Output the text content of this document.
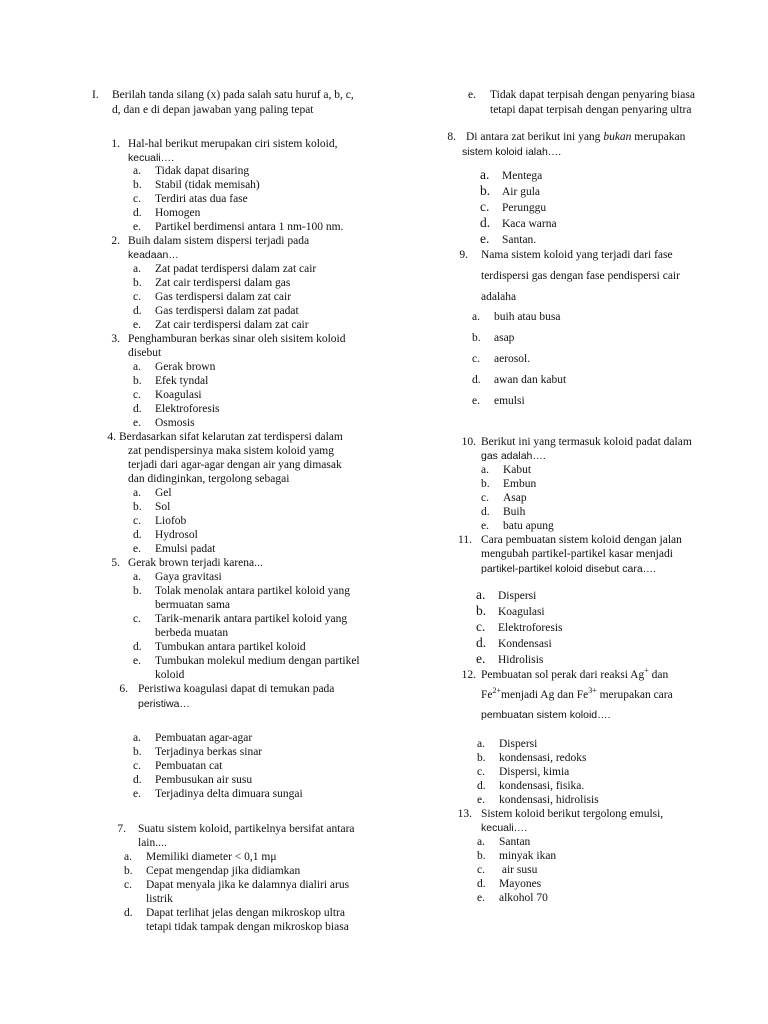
I. Berilah tanda silang (x) pada salah satu huruf a, b, c,
d, dan e di depan jawaban yang paling tepat
1. Hal-hal berikut merupakan ciri sistem koloid,
kecuali….
a. Tidak dapat disaring
b. Stabil (tidak memisah)
c. Terdiri atas dua fase
d. Homogen
e. Partikel berdimensi antara 1 nm-100 nm.
2. Buih dalam sistem dispersi terjadi pada
keadaan…
a. Zat padat terdispersi dalam zat cair
b. Zat cair terdispersi dalam gas
c. Gas terdispersi dalam zat cair
d. Gas terdispersi dalam zat padat
e. Zat cair terdispersi dalam zat cair
3. Penghamburan berkas sinar oleh sisitem koloid
disebut
a. Gerak brown
b. Efek tyndal
c. Koagulasi
d. Elektroforesis
e. Osmosis
4. Berdasarkan sifat kelarutan zat terdispersi dalam
zat pendispersinya maka sistem koloid yamg
terjadi dari agar-agar dengan air yang dimasak
dan didinginkan, tergolong sebagai
a. Gel
b. Sol
c. Liofob
d. Hydrosol
e. Emulsi padat
5. Gerak brown terjadi karena...
a. Gaya gravitasi
b. Tolak menolak antara partikel koloid yang
bermuatan sama
c. Tarik-menarik antara partikel koloid yang
berbeda muatan
d. Tumbukan antara partikel koloid
e. Tumbukan molekul medium dengan partikel
koloid
6. Peristiwa koagulasi dapat di temukan pada
peristiwa…
a. Pembuatan agar-agar
b. Terjadinya berkas sinar
c. Pembuatan cat
d. Pembusukan air susu
e. Terjadinya delta dimuara sungai
7. Suatu sistem koloid, partikelnya bersifat antara
lain....
a. Memiliki diameter < 0,1 mμ
b. Cepat mengendap jika didiamkan
c. Dapat menyala jika ke dalamnya dialiri arus
listrik
d. Dapat terlihat jelas dengan mikroskop ultra
tetapi tidak tampak dengan mikroskop biasa
e. Tidak dapat terpisah dengan penyaring biasa
tetapi dapat terpisah dengan penyaring ultra
8. Di antara zat berikut ini yang bukan merupakan
sistem koloid ialah….
a. Mentega
b. Air gula
c. Perunggu
d. Kaca warna
e. Santan.
9. Nama sistem koloid yang terjadi dari fase
terdispersi gas dengan fase pendispersi cair
adalaha
a. buih atau busa
b. asap
c. aerosol.
d. awan dan kabut
e. emulsi
10. Berikut ini yang termasuk koloid padat dalam
gas adalah….
a. Kabut
b. Embun
c. Asap
d. Buih
e. batu apung
11. Cara pembuatan sistem koloid dengan jalan
mengubah partikel-partikel kasar menjadi
partikel-partikel koloid disebut cara….
a. Dispersi
b. Koagulasi
c. Elektroforesis
d. Kondensasi
e. Hidrolisis
12. Pembuatan sol perak dari reaksi Ag+ dan
$Fe^{2+}menjadi$ Ag dan $Fe^{3+}$ merupakan cara
pembuatan sistem koloid….
a. Dispersi
b. kondensasi, redoks
c. Dispersi, kimia
d. kondensasi, fisika.
e. kondensasi, hidrolisis
13. Sistem koloid berikut tergolong emulsi,
kecuali….
a. Santan
b. minyak ikan
c. air susu
d. Mayones
e. alkohol 70
